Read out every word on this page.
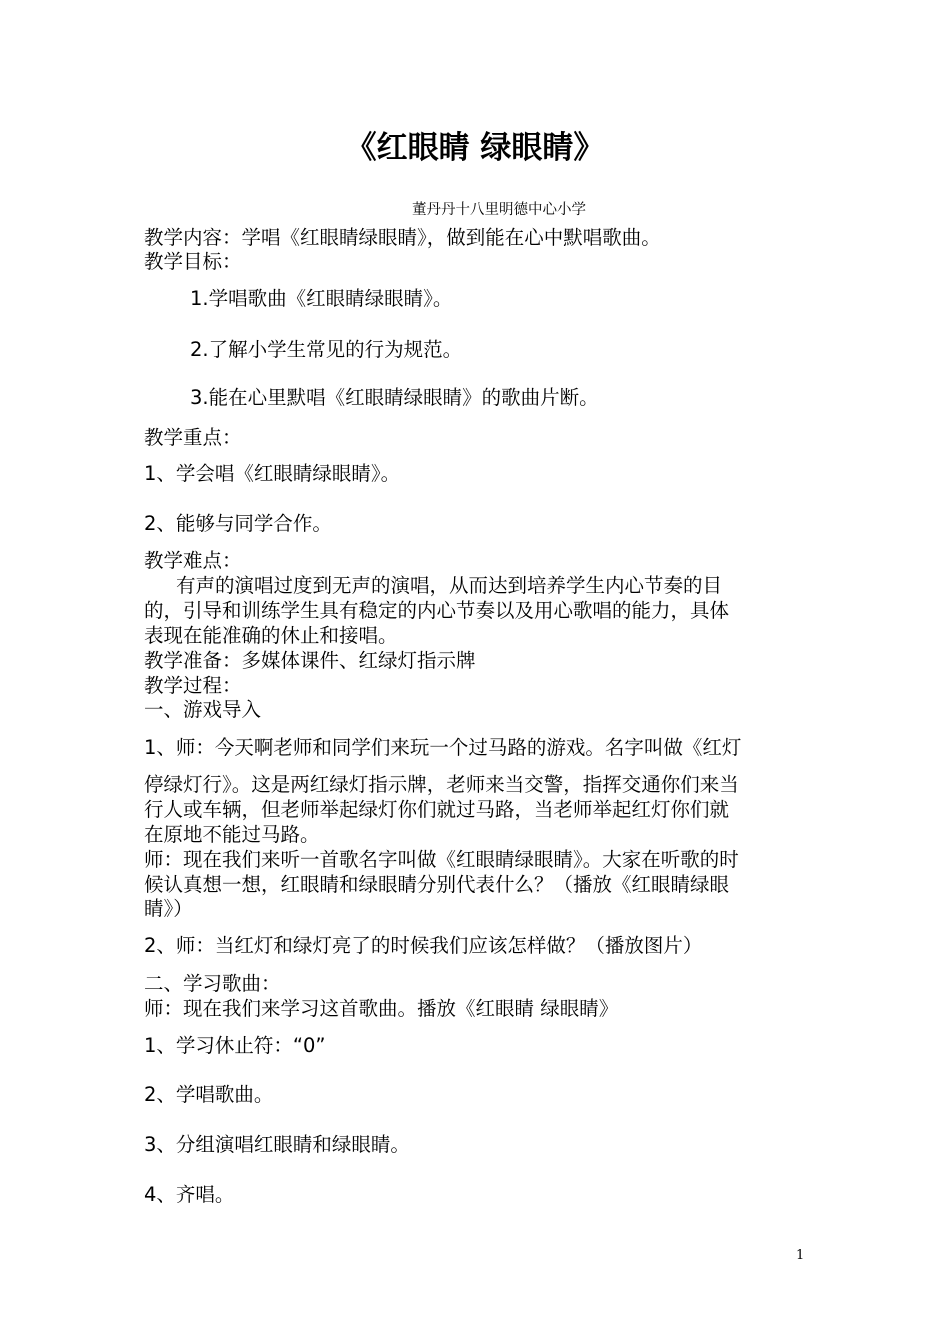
《红眼睛 绿眼睛》
董丹丹十八里明德中心小学
教学内容：学唱《红眼睛绿眼睛》，做到能在心中默唱歌曲。
教学目标：
1.学唱歌曲《红眼睛绿眼睛》。
2.了解小学生常见的行为规范。
3.能在心里默唱《红眼睛绿眼睛》的歌曲片断。
教学重点：
1、学会唱《红眼睛绿眼睛》。
2、能够与同学合作。
教学难点：
有声的演唱过度到无声的演唱，从而达到培养学生内心节奏的目
的，引导和训练学生具有稳定的内心节奏以及用心歌唱的能力，具体
表现在能准确的休止和接唱。
教学准备：多媒体课件、红绿灯指示牌
教学过程：
一、游戏导入
1、师：今天啊老师和同学们来玩一个过马路的游戏。名字叫做《红灯
停绿灯行》。这是两红绿灯指示牌，老师来当交警，指挥交通你们来当
行人或车辆，但老师举起绿灯你们就过马路，当老师举起红灯你们就
在原地不能过马路。
师：现在我们来听一首歌名字叫做《红眼睛绿眼睛》。大家在听歌的时
候认真想一想，红眼睛和绿眼睛分别代表什么？（播放《红眼睛绿眼
睛》）
2、师：当红灯和绿灯亮了的时候我们应该怎样做？（播放图片）
二、学习歌曲：
师：现在我们来学习这首歌曲。播放《红眼睛 绿眼睛》
1、学习休止符：“0”
2、学唱歌曲。
3、分组演唱红眼睛和绿眼睛。
4、齐唱。
1
